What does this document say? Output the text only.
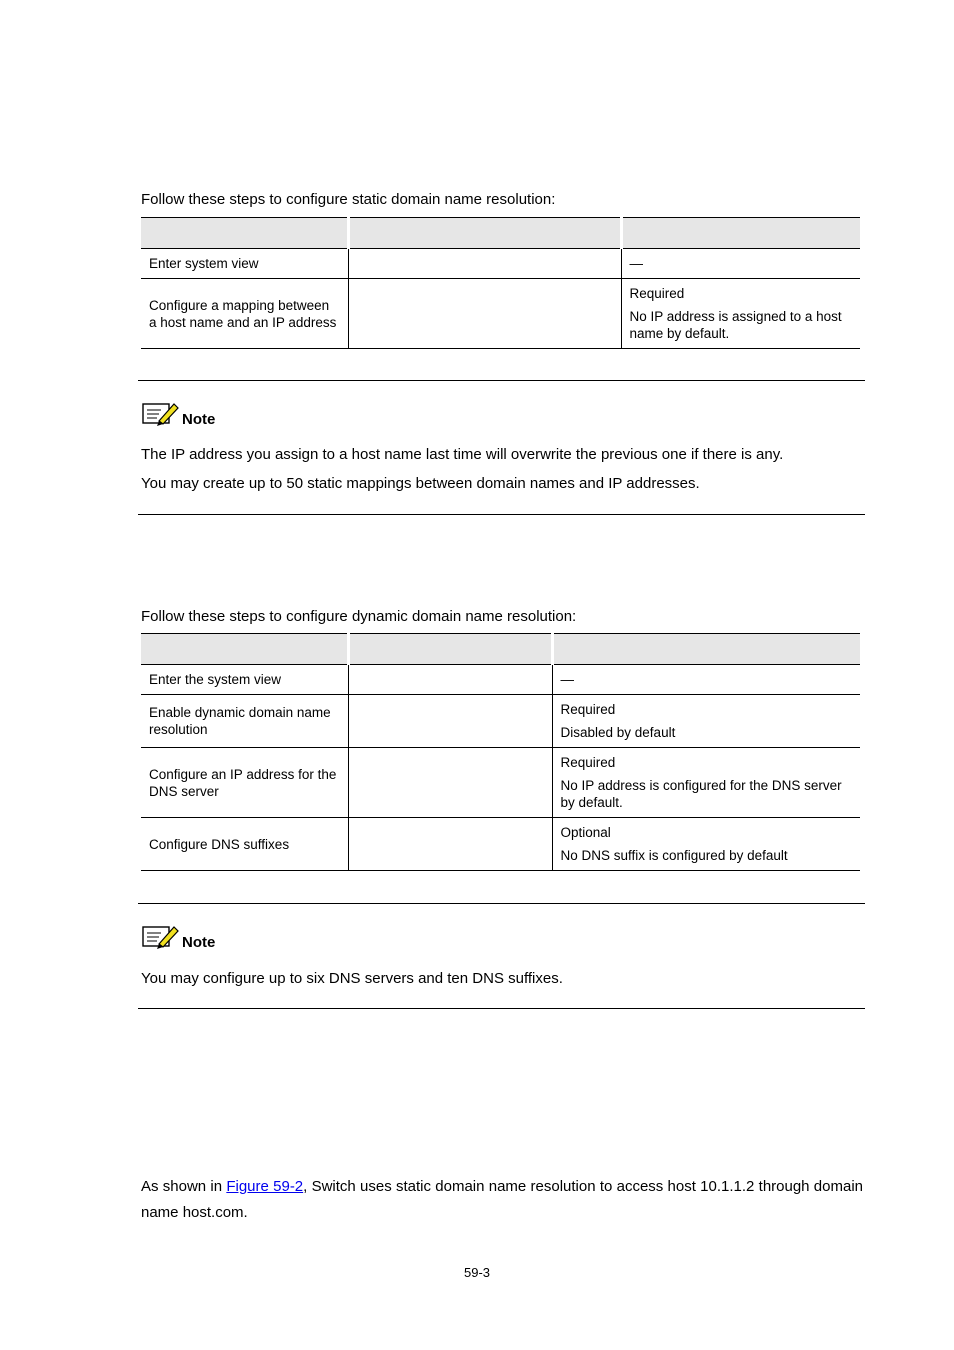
Follow these steps to configure static domain name resolution:

Enter system view		—

Configure a mapping between a host name and an IP address		Required

No IP address is assigned to a host name by default.

Note
The IP address you assign to a host name last time will overwrite the previous one if there is any.
You may create up to 50 static mappings between domain names and IP addresses.
Follow these steps to configure dynamic domain name resolution:

Enter the system view		—

Enable dynamic domain name resolution		Required

Disabled by default

Configure an IP address for the DNS server		Required

No IP address is configured for the DNS server by default.

Configure DNS suffixes		Optional

No DNS suffix is configured by default

Note
You may configure up to six DNS servers and ten DNS suffixes.
As shown in Figure 59-2, Switch uses static domain name resolution to access host 10.1.1.2 through domain name host.com.
59-3
